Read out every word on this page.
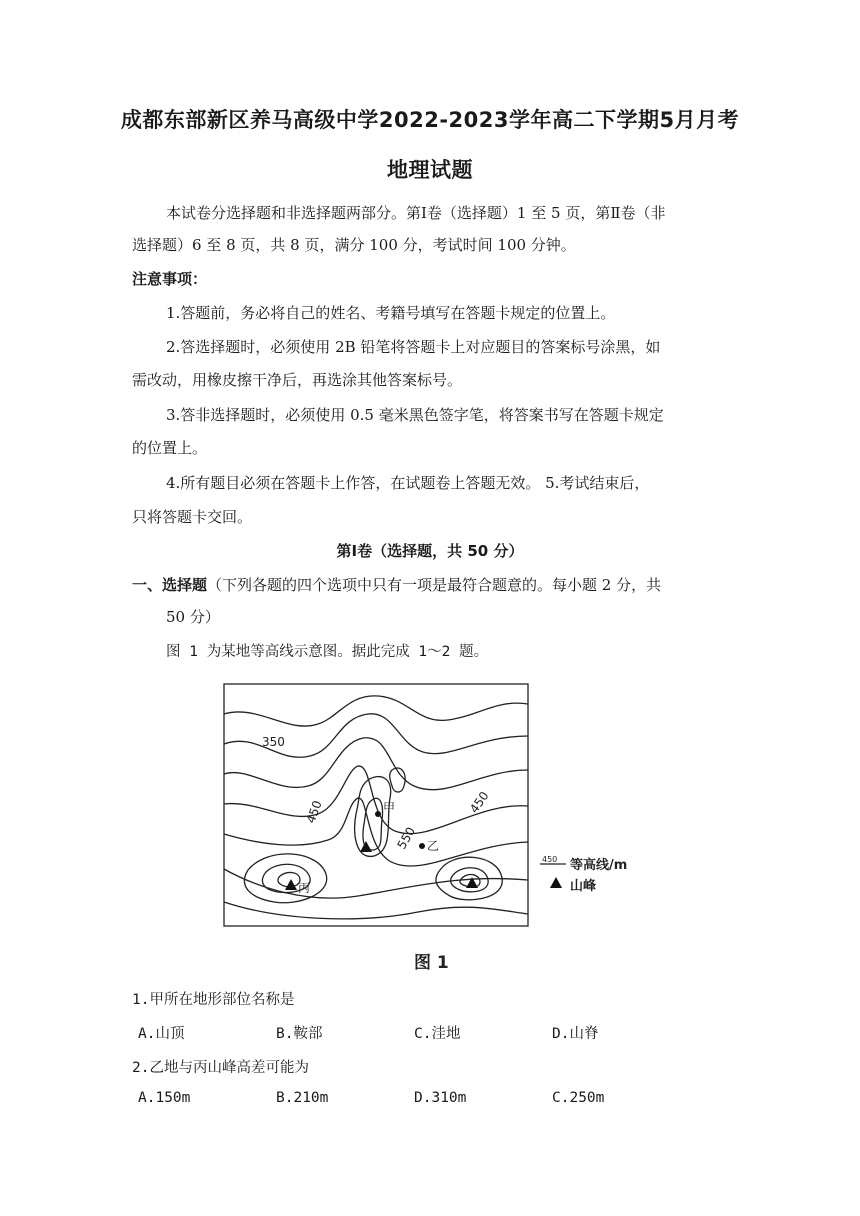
成都东部新区养马高级中学2022-2023学年高二下学期5月月考
地理试题
本试卷分选择题和非选择题两部分。第Ⅰ卷（选择题）1 至 5 页，第Ⅱ卷（非
选择题）6 至 8 页，共 8 页，满分 100 分，考试时间 100 分钟。
注意事项：
1.答题前，务必将自己的姓名、考籍号填写在答题卡规定的位置上。
2.答选择题时，必须使用 2B 铅笔将答题卡上对应题目的答案标号涂黑，如
需改动，用橡皮擦干净后，再选涂其他答案标号。
3.答非选择题时，必须使用 0.5 毫米黑色签字笔，将答案书写在答题卡规定
的位置上。
4.所有题目必须在答题卡上作答，在试题卷上答题无效。 5.考试结束后，
只将答题卡交回。
第Ⅰ卷（选择题，共 50 分）
一、选择题（下列各题的四个选项中只有一项是最符合题意的。每小题 2 分，共
50 分）
图 1 为某地等高线示意图。据此完成 1～2 题。
350
450
550
450
甲
乙
丙
450 等高线/m
山峰
图 1
1.甲所在地形部位名称是
A.山顶	B.鞍部	C.洼地	D.山脊
2.乙地与丙山峰高差可能为
A.150m	B.210m	D.310m	C.250m
